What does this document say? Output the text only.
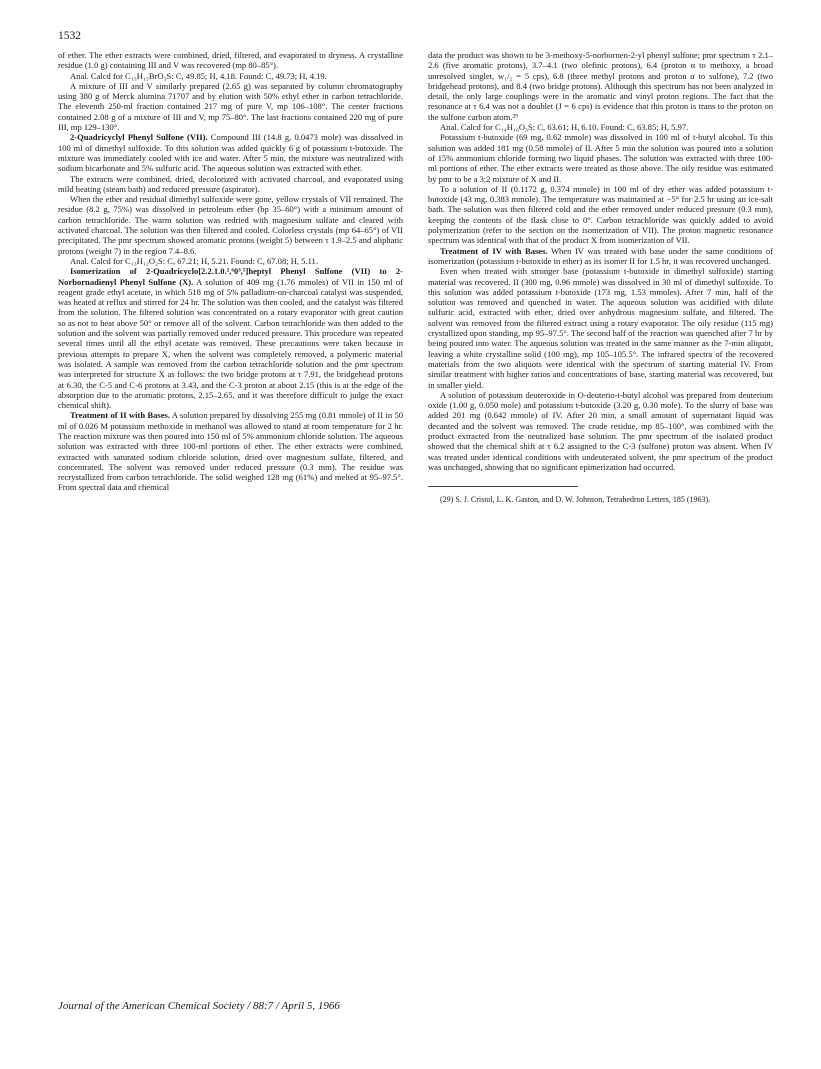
1532

of ether. The ether extracts were combined, dried, filtered, and evaporated to dryness. A crystalline residue (1.0 g) containing III and V was recovered (mp 80–85°).

Anal. Calcd for C₁₅H₁₅BrO₃S: C, 49.85; H, 4.18. Found: C, 49.73; H, 4.19.

A mixture of III and V similarly prepared (2.65 g) was separated by column chromatography using 380 g of Merck alumina 71707 and by elution with 50% ethyl ether in carbon tetrachloride. The eleventh 250-ml fraction contained 217 mg of pure V, mp 106–108°. The center fractions contained 2.08 g of a mixture of III and V, mp 75–80°. The last fractions contained 220 mg of pure III, mp 129–130°.

2-Quadricyclyl Phenyl Sulfone (VII). Compound III (14.8 g, 0.0473 mole) was dissolved in 100 ml of dimethyl sulfoxide. To this solution was added quickly 6 g of potassium t-butoxide. The mixture was immediately cooled with ice and water. After 5 min, the mixture was neutralized with sodium bicarbonate and 5% sulfuric acid. The aqueous solution was extracted with ether.

The extracts were combined, dried, decolorized with activated charcoal, and evaporated using mild heating (steam bath) and reduced pressure (aspirator).

When the ether and residual dimethyl sulfoxide were gone, yellow crystals of VII remained. The residue (8.2 g, 75%) was dissolved in petroleum ether (bp 35–60°) with a minimum amount of carbon tetrachloride. The warm solution was redried with magnesium sulfate and cleared with activated charcoal. The solution was then filtered and cooled. Colorless crystals (mp 64–65°) of VII precipitated. The pmr spectrum showed aromatic protons (weight 5) between τ 1.9–2.5 and aliphatic protons (weight 7) in the region 7.4–8.6.

Anal. Calcd for C₁₃H₁₂O₂S: C, 67.21; H, 5.21. Found: C, 67.08; H, 5.11.

Isomerization of 2-Quadricyclo[2.2.1.0.²,⁶0³,⁵]heptyl Phenyl Sulfone (VII) to 2-Norbornadienyl Phenyl Sulfone (X). A solution of 409 mg (1.76 mmoles) of VII in 150 ml of reagent grade ethyl acetate, in which 518 mg of 5% palladium-on-charcoal catalyst was suspended, was heated at reflux and stirred for 24 hr. The solution was then cooled, and the catalyst was filtered from the solution. The filtered solution was concentrated on a rotary evaporator with great caution so as not to heat above 50° or remove all of the solvent. Carbon tetrachloride was then added to the solution and the solvent was partially removed under reduced pressure. This procedure was repeated several times until all the ethyl acetate was removed. These precautions were taken because in previous attempts to prepare X, when the solvent was completely removed, a polymeric material was isolated. A sample was removed from the carbon tetrachloride solution and the pmr spectrum was interpreted for structure X as follows: the two bridge protons at τ 7.91, the bridgehead protons at 6.30, the C-5 and C-6 protons at 3.43, and the C-3 proton at about 2.15 (this is at the edge of the absorption due to the aromatic protons, 2.15–2.65, and it was therefore difficult to judge the exact chemical shift).

Treatment of II with Bases. A solution prepared by dissolving 255 mg (0.81 mmole) of II in 50 ml of 0.026 M potassium methoxide in methanol was allowed to stand at room temperature for 2 hr. The reaction mixture was then poured into 150 ml of 5% ammonium chloride solution. The aqueous solution was extracted with three 100-ml portions of ether. The ether extracts were combined, extracted with saturated sodium chloride solution, dried over magnesium sulfate, filtered, and concentrated. The solvent was removed under reduced pressure (0.3 mm). The residue was recrystallized from carbon tetrachloride. The solid weighed 128 mg (61%) and melted at 95–97.5°. From spectral data and chemical

data the product was shown to be 3-methoxy-5-norbornen-2-yl phenyl sulfone; pmr spectrum τ 2.1–2.6 (five aromatic protons), 3.7–4.1 (two olefinic protons), 6.4 (proton α to methoxy, a broad unresolved singlet, w₁/₂ = 5 cps), 6.8 (three methyl protons and proton α to sulfone), 7.2 (two bridgehead protons), and 8.4 (two bridge protons). Although this spectrum has not been analyzed in detail, the only large couplings were in the aromatic and vinyl proton regions. The fact that the resonance at τ 6.4 was not a doublet (J = 6 cps) is evidence that this proton is trans to the proton on the sulfone carbon atom.²⁹

Anal. Calcd for C₁₄H₁₆O₃S: C, 63.61; H, 6.10. Found: C, 63.85; H, 5.97.

Potassium t-butoxide (69 mg, 0.62 mmole) was dissolved in 100 ml of t-butyl alcohol. To this solution was added 181 mg (0.58 mmole) of II. After 5 min the solution was poured into a solution of 15% ammonium chloride forming two liquid phases. The solution was extracted with three 100-ml portions of ether. The ether extracts were treated as those above. The oily residue was estimated by pmr to be a 3:2 mixture of X and II.

To a solution of II (0.1172 g, 0.374 mmole) in 100 ml of dry ether was added potassium t-butoxide (43 mg, 0.383 mmole). The temperature was maintained at −5° for 2.5 hr using an ice-salt bath. The solution was then filtered cold and the ether removed under reduced pressure (0.3 mm), keeping the contents of the flask close to 0°. Carbon tetrachloride was quickly added to avoid polymerization (refer to the section on the isomerization of VII). The proton magnetic resonance spectrum was identical with that of the product X from isomerization of VII.

Treatment of IV with Bases. When IV was treated with base under the same conditions of isomerization (potassium t-butoxide in ether) as its isomer II for 1.5 hr, it was recovered unchanged.

Even when treated with stronger base (potassium t-butoxide in dimethyl sulfoxide) starting material was recovered. II (300 mg, 0.96 mmole) was dissolved in 30 ml of dimethyl sulfoxide. To this solution was added potassium t-butoxide (173 mg, 1.53 mmoles). After 7 min, half of the solution was removed and quenched in water. The aqueous solution was acidified with dilute sulfuric acid, extracted with ether, dried over anhydrous magnesium sulfate, and filtered. The solvent was removed from the filtered extract using a rotary evaporator. The oily residue (115 mg) crystallized upon standing, mp 95–97.5°. The second half of the reaction was quenched after 7 hr by being poured into water. The aqueous solution was treated in the same manner as the 7-min aliquot, leaving a white crystalline solid (100 mg), mp 105–105.5°. The infrared spectra of the recovered materials from the two aliquots were identical with the spectrum of starting material IV. From similar treatment with higher ratios and concentrations of base, starting material was recovered, but in smaller yield.

A solution of potassium deuteroxide in O-deuterio-t-butyl alcohol was prepared from deuterium oxide (1.00 g, 0.050 mole) and potassium t-butoxide (3.20 g, 0.30 mole). To the slurry of base was added 201 mg (0.642 mmole) of IV. After 20 min, a small amount of supernatant liquid was decanted and the solvent was removed. The crude residue, mp 85–100°, was combined with the product extracted from the neutralized base solution. The pmr spectrum of the isolated product showed that the chemical shift at τ 6.2 assigned to the C-3 (sulfone) proton was absent. When IV was treated under identical conditions with undeuterated solvent, the pmr spectrum of the product was unchanged, showing that no significant epimerization had occurred.

(29) S. J. Cristol, L. K. Gaston, and D. W. Johnson, Tetrahedron Letters, 185 (1963).

Journal of the American Chemical Society / 88:7 / April 5, 1966
